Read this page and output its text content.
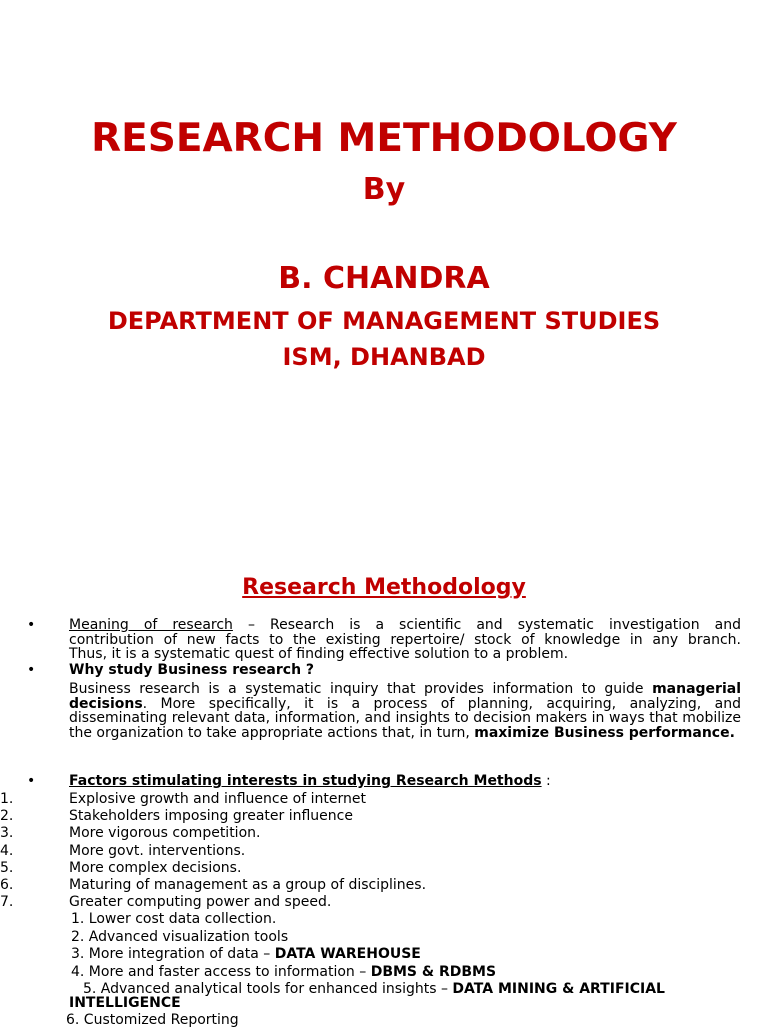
RESEARCH METHODOLOGY
By
B. CHANDRA
DEPARTMENT OF MANAGEMENT STUDIES
ISM, DHANBAD
Research Methodology
• Meaning of research – Research is a scientific and systematic investigation and
contribution of new facts to the existing repertoire/ stock of knowledge in any branch.
Thus, it is a systematic quest of finding effective solution to a problem.
• Why study Business research ?
Business research is a systematic inquiry that provides information to guide managerial decisions. More specifically, it is a process of planning, acquiring, analyzing, and disseminating relevant data, information, and insights to decision makers in ways that mobilize the organization to take appropriate actions that, in turn, maximize Business performance.
• Factors stimulating interests in studying Research Methods :
1.	Explosive growth and influence of internet
2.	Stakeholders imposing greater influence
3.	More vigorous competition.
4.	More govt. interventions.
5.	More complex decisions.
6.	Maturing of management as a group of disciplines.
7.	Greater computing power and speed.
1. Lower cost data collection.
2. Advanced visualization tools
3. More integration of data – DATA WAREHOUSE
4. More and faster access to information – DBMS & RDBMS
5. Advanced analytical tools for enhanced insights – DATA MINING & ARTIFICIAL
INTELLIGENCE
6. Customized Reporting
